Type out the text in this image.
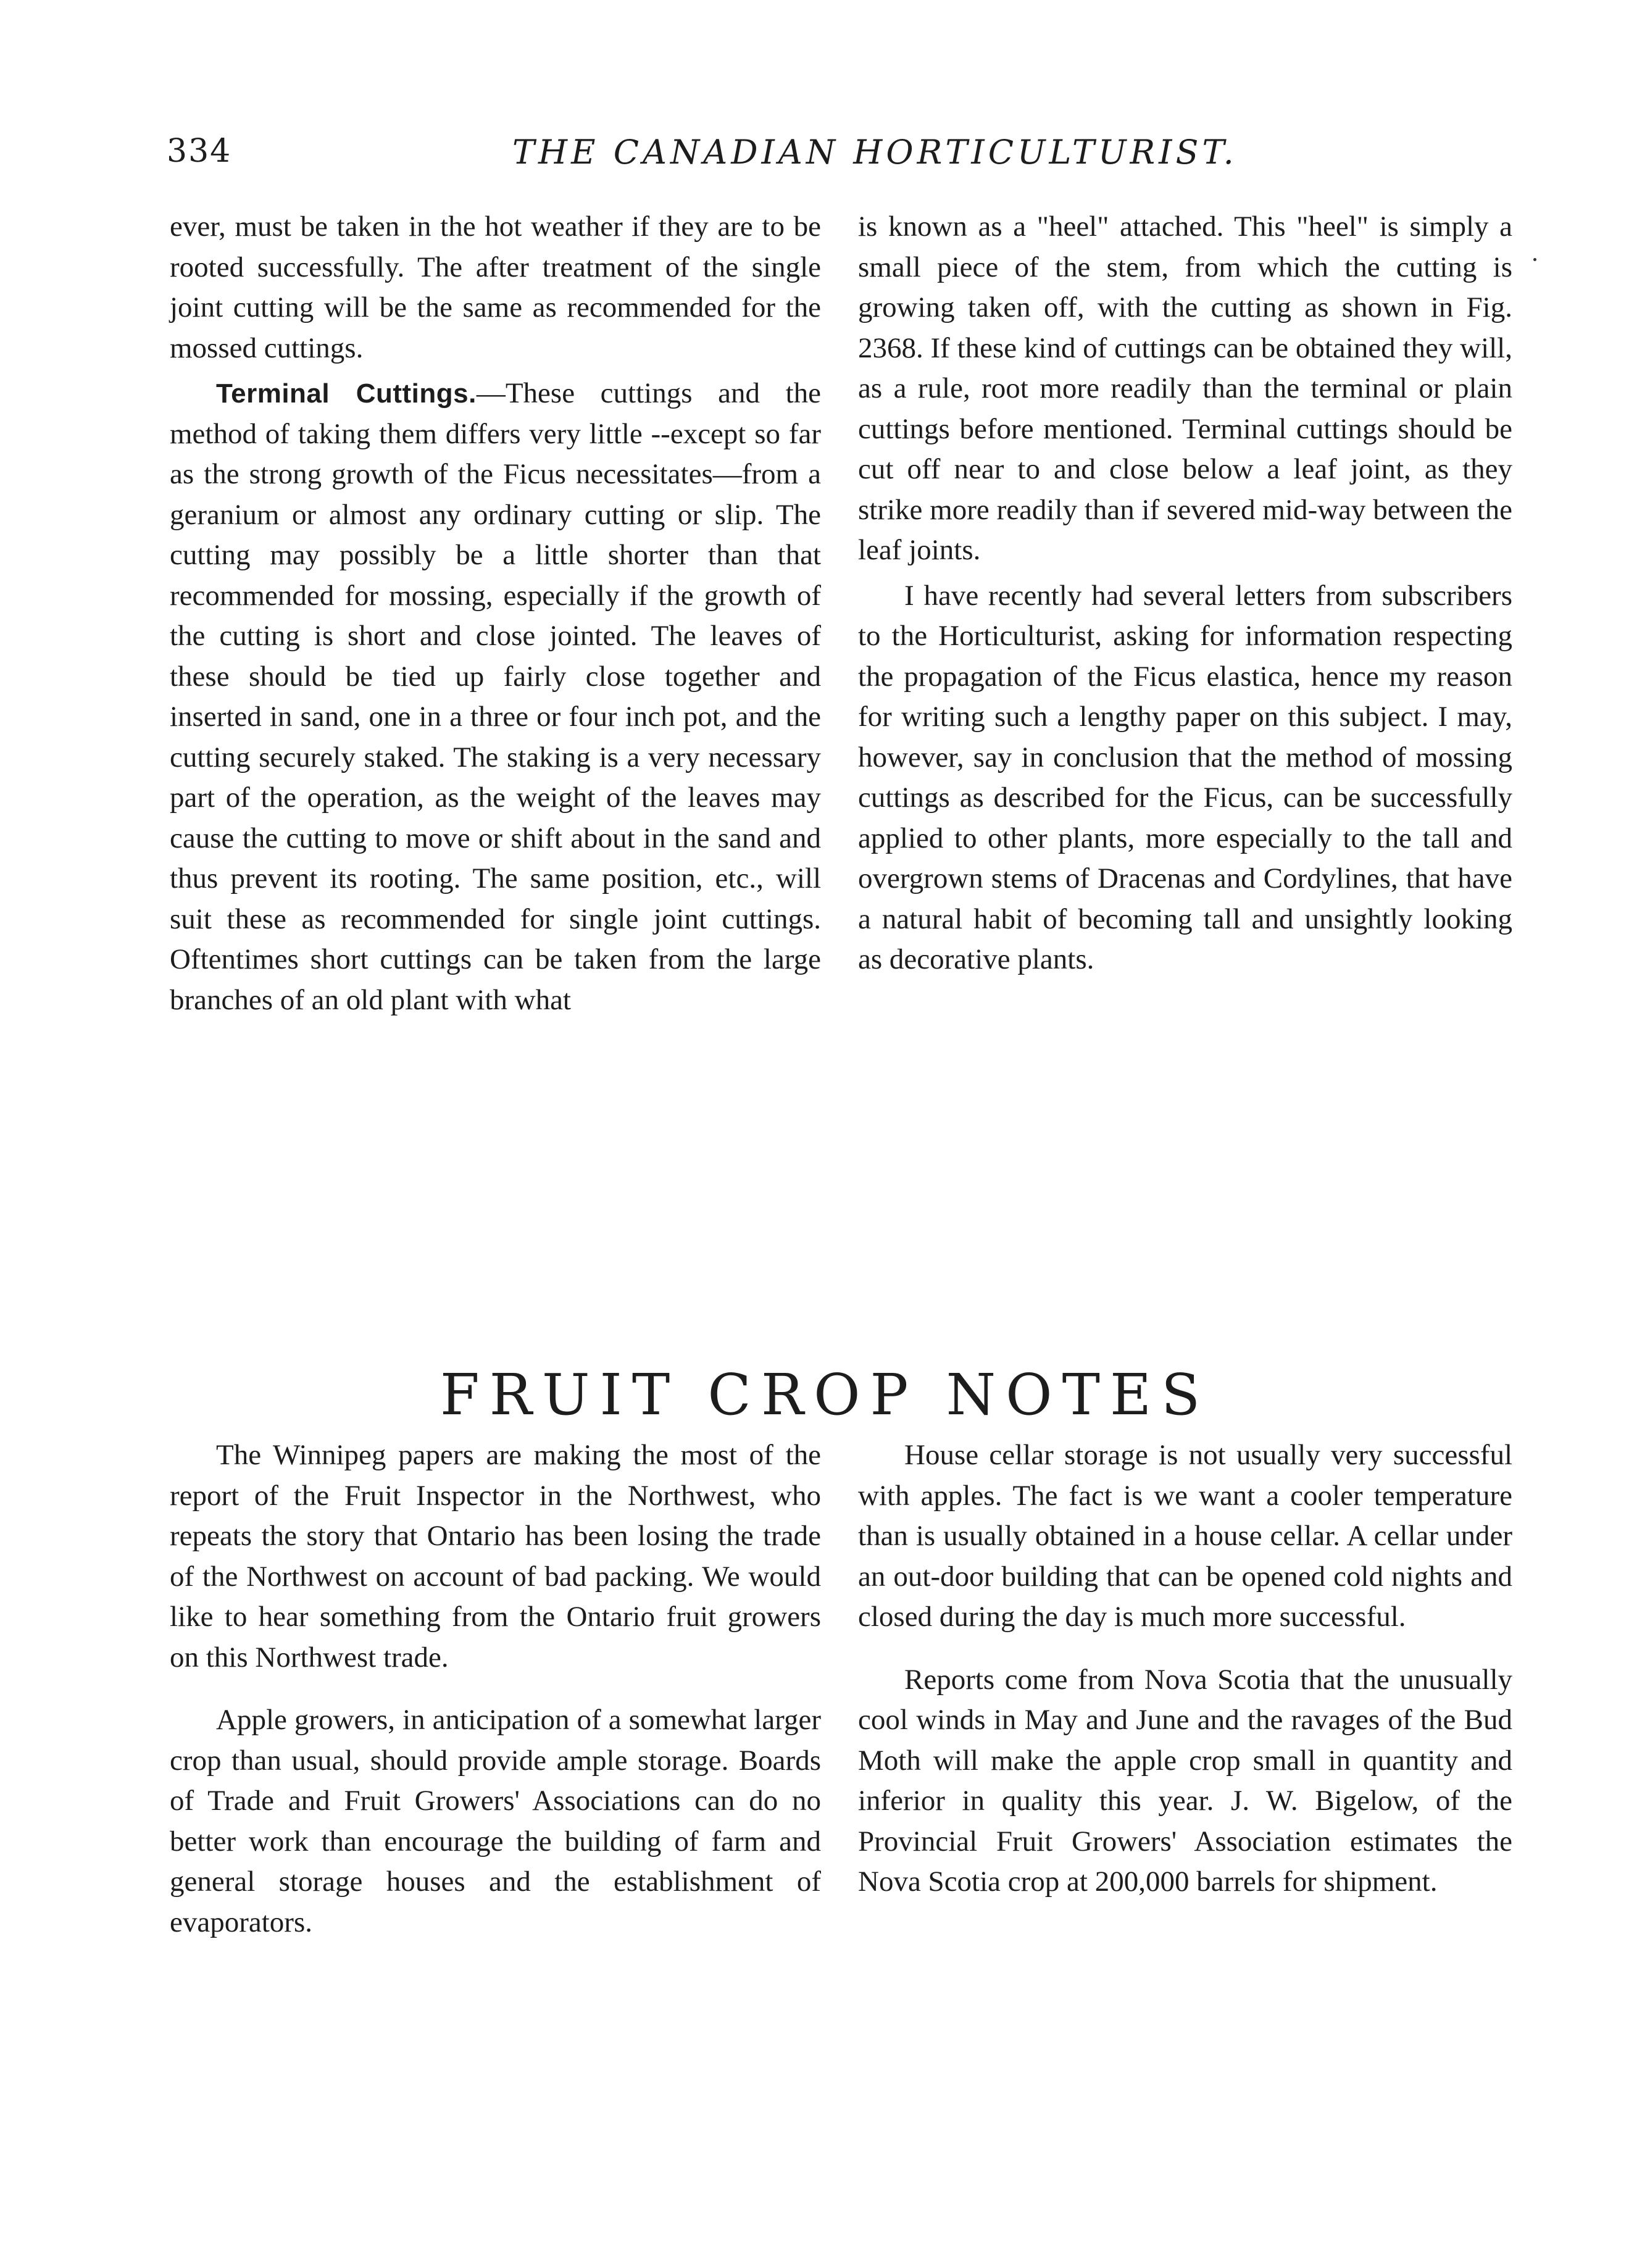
334	THE CANADIAN HORTICULTURIST.

ever, must be taken in the hot weather if they are to be rooted successfully. The after treatment of the single joint cutting will be the same as recommended for the mossed cuttings.

Terminal Cuttings.—These cuttings and the method of taking them differs very little --except so far as the strong growth of the Ficus necessitates—from a geranium or almost any ordinary cutting or slip. The cutting may possibly be a little shorter than that recommended for mossing, especially if the growth of the cutting is short and close jointed. The leaves of these should be tied up fairly close together and inserted in sand, one in a three or four inch pot, and the cutting securely staked. The staking is a very necessary part of the operation, as the weight of the leaves may cause the cutting to move or shift about in the sand and thus prevent its rooting. The same position, etc., will suit these as recommended for single joint cuttings. Oftentimes short cuttings can be taken from the large branches of an old plant with what

is known as a "heel" attached. This "heel" is simply a small piece of the stem, from which the cutting is growing taken off, with the cutting as shown in Fig. 2368. If these kind of cuttings can be obtained they will, as a rule, root more readily than the terminal or plain cuttings before mentioned. Terminal cuttings should be cut off near to and close below a leaf joint, as they strike more readily than if severed mid-way between the leaf joints.

I have recently had several letters from subscribers to the Horticulturist, asking for information respecting the propagation of the Ficus elastica, hence my reason for writing such a lengthy paper on this subject. I may, however, say in conclusion that the method of mossing cuttings as described for the Ficus, can be successfully applied to other plants, more especially to the tall and overgrown stems of Dracenas and Cordylines, that have a natural habit of becoming tall and unsightly looking as decorative plants.

FRUIT CROP NOTES

The Winnipeg papers are making the most of the report of the Fruit Inspector in the Northwest, who repeats the story that Ontario has been losing the trade of the Northwest on account of bad packing. We would like to hear something from the Ontario fruit growers on this Northwest trade.

Apple growers, in anticipation of a somewhat larger crop than usual, should provide ample storage. Boards of Trade and Fruit Growers' Associations can do no better work than encourage the building of farm and general storage houses and the establishment of evaporators.

House cellar storage is not usually very successful with apples. The fact is we want a cooler temperature than is usually obtained in a house cellar. A cellar under an out-door building that can be opened cold nights and closed during the day is much more successful.

Reports come from Nova Scotia that the unusually cool winds in May and June and the ravages of the Bud Moth will make the apple crop small in quantity and inferior in quality this year. J. W. Bigelow, of the Provincial Fruit Growers' Association estimates the Nova Scotia crop at 200,000 barrels for shipment.
